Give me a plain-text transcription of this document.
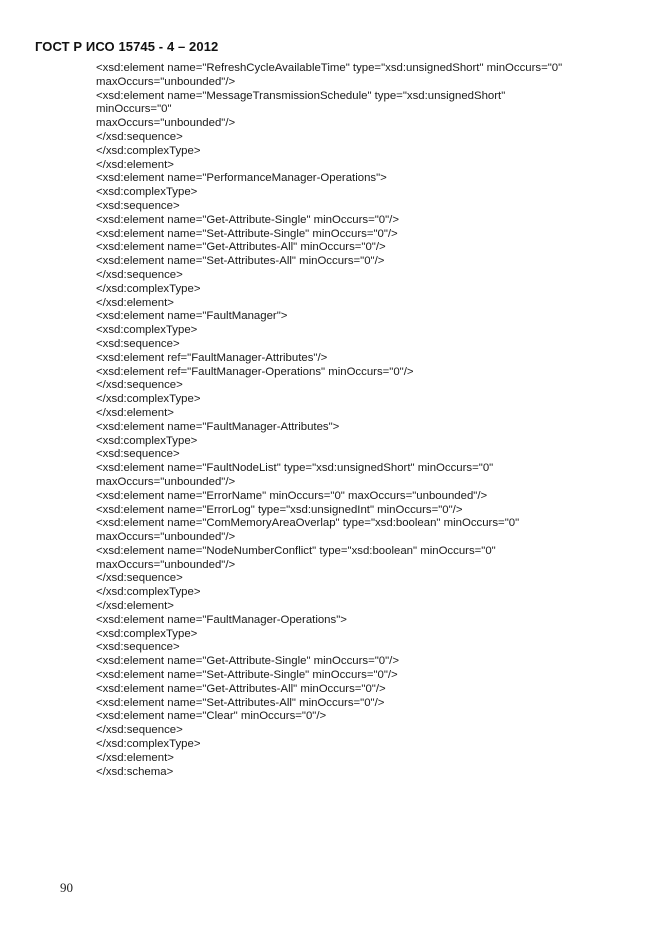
ГОСТ Р ИСО 15745 - 4 – 2012
<xsd:element name="RefreshCycleAvailableTime" type="xsd:unsignedShort" minOccurs="0"
maxOccurs="unbounded"/>
<xsd:element name="MessageTransmissionSchedule" type="xsd:unsignedShort"
minOccurs="0"
maxOccurs="unbounded"/>
</xsd:sequence>
</xsd:complexType>
</xsd:element>
<xsd:element name="PerformanceManager-Operations">
<xsd:complexType>
<xsd:sequence>
<xsd:element name="Get-Attribute-Single" minOccurs="0"/>
<xsd:element name="Set-Attribute-Single" minOccurs="0"/>
<xsd:element name="Get-Attributes-All" minOccurs="0"/>
<xsd:element name="Set-Attributes-All" minOccurs="0"/>
</xsd:sequence>
</xsd:complexType>
</xsd:element>
<xsd:element name="FaultManager">
<xsd:complexType>
<xsd:sequence>
<xsd:element ref="FaultManager-Attributes"/>
<xsd:element ref="FaultManager-Operations" minOccurs="0"/>
</xsd:sequence>
</xsd:complexType>
</xsd:element>
<xsd:element name="FaultManager-Attributes">
<xsd:complexType>
<xsd:sequence>
<xsd:element name="FaultNodeList" type="xsd:unsignedShort" minOccurs="0"
maxOccurs="unbounded"/>
<xsd:element name="ErrorName" minOccurs="0" maxOccurs="unbounded"/>
<xsd:element name="ErrorLog" type="xsd:unsignedInt" minOccurs="0"/>
<xsd:element name="ComMemoryAreaOverlap" type="xsd:boolean" minOccurs="0"
maxOccurs="unbounded"/>
<xsd:element name="NodeNumberConflict" type="xsd:boolean" minOccurs="0"
maxOccurs="unbounded"/>
</xsd:sequence>
</xsd:complexType>
</xsd:element>
<xsd:element name="FaultManager-Operations">
<xsd:complexType>
<xsd:sequence>
<xsd:element name="Get-Attribute-Single" minOccurs="0"/>
<xsd:element name="Set-Attribute-Single" minOccurs="0"/>
<xsd:element name="Get-Attributes-All" minOccurs="0"/>
<xsd:element name="Set-Attributes-All" minOccurs="0"/>
<xsd:element name="Clear" minOccurs="0"/>
</xsd:sequence>
</xsd:complexType>
</xsd:element>
</xsd:schema>
90
